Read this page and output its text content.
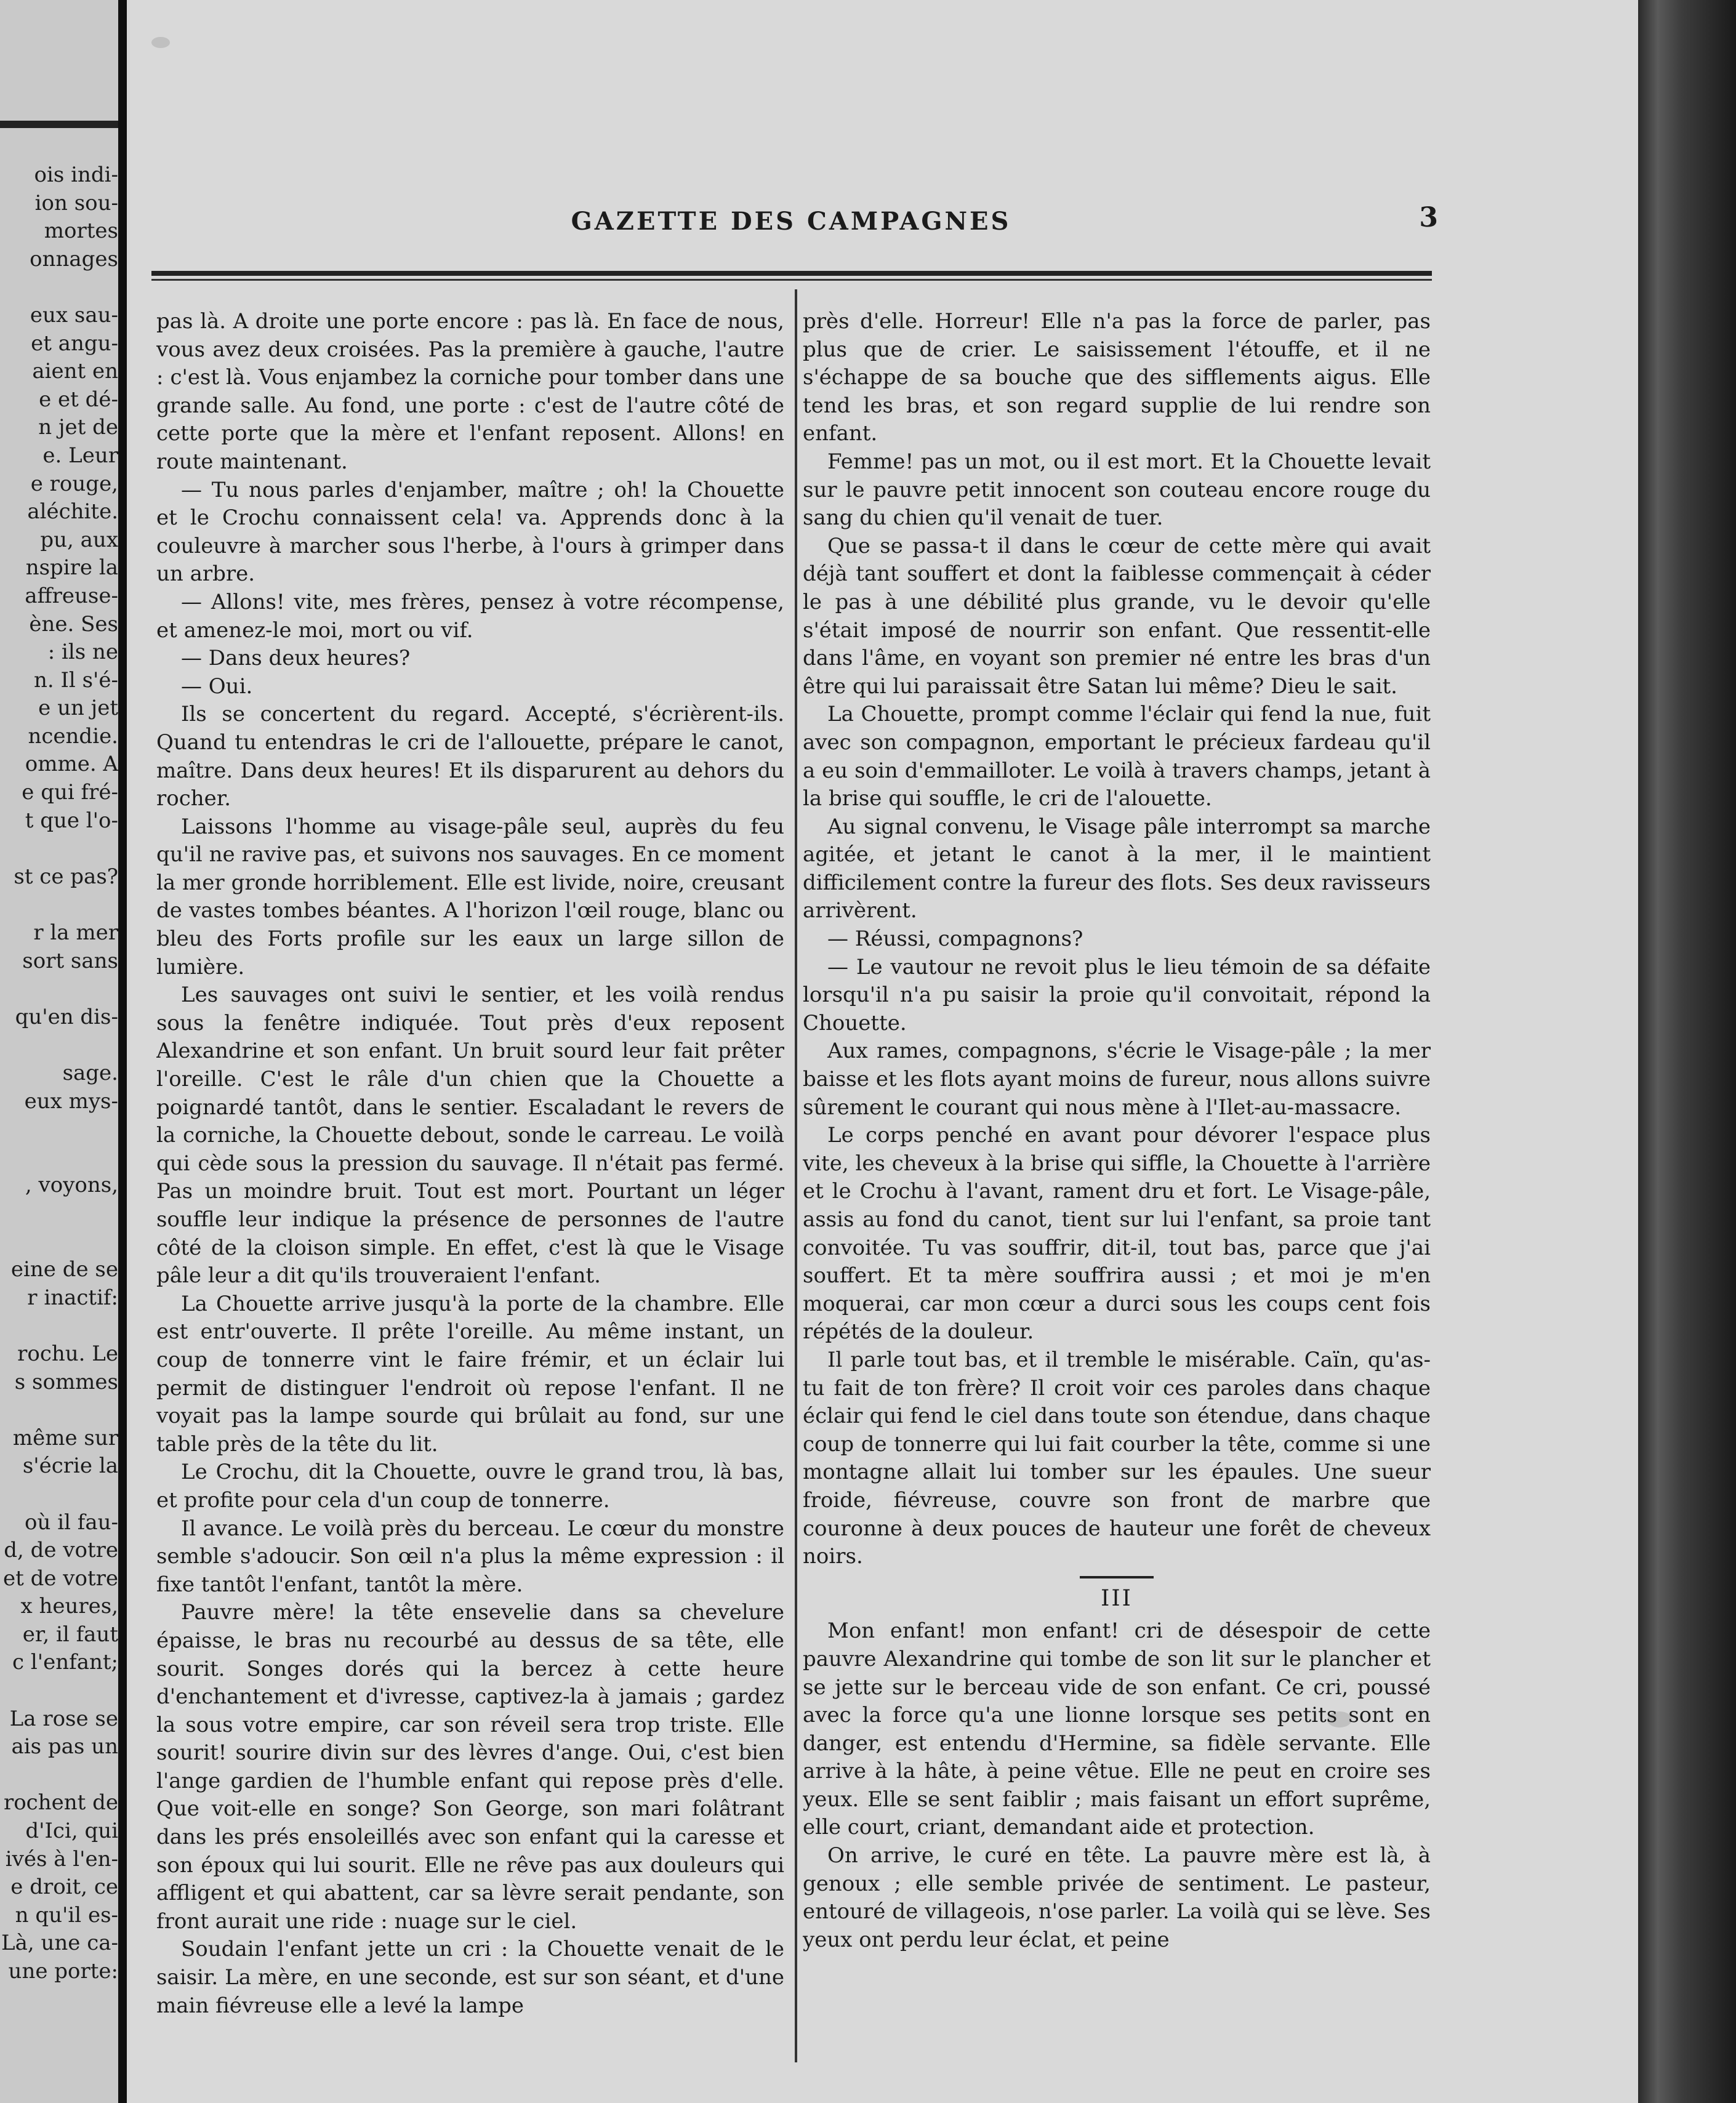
ois indi-
ion sou-
mortes
onnages

eux sau-
et angu-
aient en
e et dé-
n jet de
e. Leur
e rouge,
aléchite.
pu, aux
nspire la
affreuse-
ène. Ses
: ils ne
n. Il s'é-
e un jet
ncendie.
omme. A
e qui fré-
t que l'o-

st ce pas?

r la mer
sort sans

qu'en dis-

sage.
eux mys-

, voyons,

eine de se
r inactif:

rochu. Le
s sommes

même sur
s'écrie la

où il fau-
d, de votre
et de votre
x heures,
er, il faut
c l'enfant;

La rose se
ais pas un

rochent de
d'Ici, qui
ivés à l'en-
e droit, ce
n qu'il es-
Là, une ca-
une porte:
GAZETTE DES CAMPAGNES	3

pas là. A droite une porte encore : pas là. En face de nous, vous avez deux croisées. Pas la première à gauche, l'autre : c'est là. Vous enjambez la corniche pour tomber dans une grande salle. Au fond, une porte : c'est de l'autre côté de cette porte que la mère et l'enfant reposent. Allons! en route maintenant.

— Tu nous parles d'enjamber, maître ; oh! la Chouette et le Crochu connaissent cela! va. Apprends donc à la couleuvre à marcher sous l'herbe, à l'ours à grimper dans un arbre.

— Allons! vite, mes frères, pensez à votre récompense, et amenez-le moi, mort ou vif.

— Dans deux heures?

— Oui.

Ils se concertent du regard. Accepté, s'écrièrent-ils. Quand tu entendras le cri de l'allouette, prépare le canot, maître. Dans deux heures! Et ils disparurent au dehors du rocher.

Laissons l'homme au visage-pâle seul, auprès du feu qu'il ne ravive pas, et suivons nos sauvages. En ce moment la mer gronde horriblement. Elle est livide, noire, creusant de vastes tombes béantes. A l'horizon l'œil rouge, blanc ou bleu des Forts profile sur les eaux un large sillon de lumière.

Les sauvages ont suivi le sentier, et les voilà rendus sous la fenêtre indiquée. Tout près d'eux reposent Alexandrine et son enfant. Un bruit sourd leur fait prêter l'oreille. C'est le râle d'un chien que la Chouette a poignardé tantôt, dans le sentier. Escaladant le revers de la corniche, la Chouette debout, sonde le carreau. Le voilà qui cède sous la pression du sauvage. Il n'était pas fermé. Pas un moindre bruit. Tout est mort. Pourtant un léger souffle leur indique la présence de personnes de l'autre côté de la cloison simple. En effet, c'est là que le Visage pâle leur a dit qu'ils trouveraient l'enfant.

La Chouette arrive jusqu'à la porte de la chambre. Elle est entr'ouverte. Il prête l'oreille. Au même instant, un coup de tonnerre vint le faire frémir, et un éclair lui permit de distinguer l'endroit où repose l'enfant. Il ne voyait pas la lampe sourde qui brûlait au fond, sur une table près de la tête du lit.

Le Crochu, dit la Chouette, ouvre le grand trou, là bas, et profite pour cela d'un coup de tonnerre.

Il avance. Le voilà près du berceau. Le cœur du monstre semble s'adoucir. Son œil n'a plus la même expression : il fixe tantôt l'enfant, tantôt la mère.

Pauvre mère! la tête ensevelie dans sa chevelure épaisse, le bras nu recourbé au dessus de sa tête, elle sourit. Songes dorés qui la bercez à cette heure d'enchantement et d'ivresse, captivez-la à jamais ; gardez la sous votre empire, car son réveil sera trop triste. Elle sourit! sourire divin sur des lèvres d'ange. Oui, c'est bien l'ange gardien de l'humble enfant qui repose près d'elle. Que voit-elle en songe? Son George, son mari folâtrant dans les prés ensoleillés avec son enfant qui la caresse et son époux qui lui sourit. Elle ne rêve pas aux douleurs qui affligent et qui abattent, car sa lèvre serait pendante, son front aurait une ride : nuage sur le ciel.

Soudain l'enfant jette un cri : la Chouette venait de le saisir. La mère, en une seconde, est sur son séant, et d'une main fiévreuse elle a levé la lampe

près d'elle. Horreur! Elle n'a pas la force de parler, pas plus que de crier. Le saisissement l'étouffe, et il ne s'échappe de sa bouche que des sifflements aigus. Elle tend les bras, et son regard supplie de lui rendre son enfant.

Femme! pas un mot, ou il est mort. Et la Chouette levait sur le pauvre petit innocent son couteau encore rouge du sang du chien qu'il venait de tuer.

Que se passa-t il dans le cœur de cette mère qui avait déjà tant souffert et dont la faiblesse commençait à céder le pas à une débilité plus grande, vu le devoir qu'elle s'était imposé de nourrir son enfant. Que ressentit-elle dans l'âme, en voyant son premier né entre les bras d'un être qui lui paraissait être Satan lui même? Dieu le sait.

La Chouette, prompt comme l'éclair qui fend la nue, fuit avec son compagnon, emportant le précieux fardeau qu'il a eu soin d'emmailloter. Le voilà à travers champs, jetant à la brise qui souffle, le cri de l'alouette.

Au signal convenu, le Visage pâle interrompt sa marche agitée, et jetant le canot à la mer, il le maintient difficilement contre la fureur des flots. Ses deux ravisseurs arrivèrent.

— Réussi, compagnons?

— Le vautour ne revoit plus le lieu témoin de sa défaite lorsqu'il n'a pu saisir la proie qu'il convoitait, répond la Chouette.

Aux rames, compagnons, s'écrie le Visage-pâle ; la mer baisse et les flots ayant moins de fureur, nous allons suivre sûrement le courant qui nous mène à l'Ilet-au-massacre.

Le corps penché en avant pour dévorer l'espace plus vite, les cheveux à la brise qui siffle, la Chouette à l'arrière et le Crochu à l'avant, rament dru et fort. Le Visage-pâle, assis au fond du canot, tient sur lui l'enfant, sa proie tant convoitée. Tu vas souffrir, dit-il, tout bas, parce que j'ai souffert. Et ta mère souffrira aussi ; et moi je m'en moquerai, car mon cœur a durci sous les coups cent fois répétés de la douleur.

Il parle tout bas, et il tremble le misérable. Caïn, qu'as-tu fait de ton frère? Il croit voir ces paroles dans chaque éclair qui fend le ciel dans toute son étendue, dans chaque coup de tonnerre qui lui fait courber la tête, comme si une montagne allait lui tomber sur les épaules. Une sueur froide, fiévreuse, couvre son front de marbre que couronne à deux pouces de hauteur une forêt de cheveux noirs.

III

Mon enfant! mon enfant! cri de désespoir de cette pauvre Alexandrine qui tombe de son lit sur le plancher et se jette sur le berceau vide de son enfant. Ce cri, poussé avec la force qu'a une lionne lorsque ses petits sont en danger, est entendu d'Hermine, sa fidèle servante. Elle arrive à la hâte, à peine vêtue. Elle ne peut en croire ses yeux. Elle se sent faiblir ; mais faisant un effort suprême, elle court, criant, demandant aide et protection.

On arrive, le curé en tête. La pauvre mère est là, à genoux ; elle semble privée de sentiment. Le pasteur, entouré de villageois, n'ose parler. La voilà qui se lève. Ses yeux ont perdu leur éclat, et peine
